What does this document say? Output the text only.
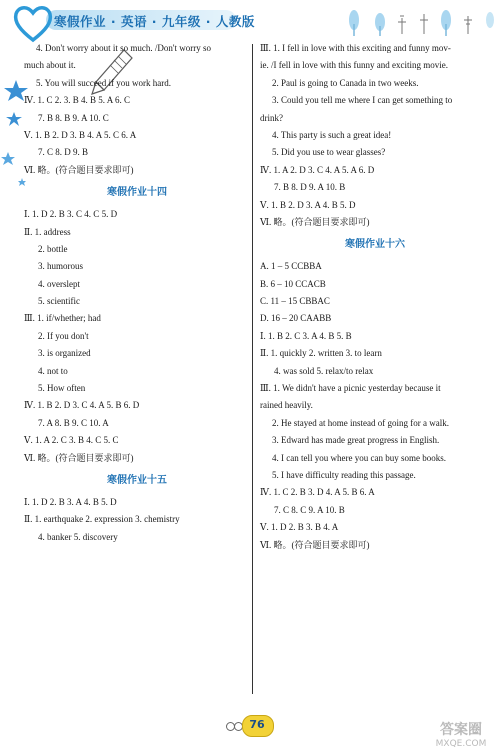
寒假作业 · 英语 · 九年级 · 人教版
4. Don't worry about it so much. /Don't worry so
much about it.
5. You will succeed if you work hard.
Ⅳ. 1. C 2. 3. B 4. B 5. A 6. C
7. B 8. B 9. A 10. C
Ⅴ. 1. B 2. D 3. B 4. A 5. C 6. A
7. C 8. D 9. B
Ⅵ. 略。(符合题目要求即可)
寒假作业十四
Ⅰ. 1. D 2. B 3. C 4. C 5. D
Ⅱ. 1. address
2. bottle
3. humorous
4. overslept
5. scientific
Ⅲ. 1. if/whether; had
2. If you don't
3. is organized
4. not to
5. How often
Ⅳ. 1. B 2. D 3. C 4. A 5. B 6. D
7. A 8. B 9. C 10. A
Ⅴ. 1. A 2. C 3. B 4. C 5. C
Ⅵ. 略。(符合题目要求即可)
寒假作业十五
Ⅰ. 1. D 2. B 3. A 4. B 5. D
Ⅱ. 1. earthquake 2. expression 3. chemistry
4. banker 5. discovery
Ⅲ. 1. I fell in love with this exciting and funny mov-
ie. /I fell in love with this funny and exciting movie.
2. Paul is going to Canada in two weeks.
3. Could you tell me where I can get something to
drink?
4. This party is such a great idea!
5. Did you use to wear glasses?
Ⅳ. 1. A 2. D 3. C 4. A 5. A 6. D
7. B 8. D 9. A 10. B
Ⅴ. 1. B 2. D 3. A 4. B 5. D
Ⅵ. 略。(符合题目要求即可)
寒假作业十六
A. 1 – 5 CCBBA
B. 6 – 10 CCACB
C. 11 – 15 CBBAC
D. 16 – 20 CAABB
Ⅰ. 1. B 2. C 3. A 4. B 5. B
Ⅱ. 1. quickly 2. written 3. to learn
4. was sold 5. relax/to relax
Ⅲ. 1. We didn't have a picnic yesterday because it
rained heavily.
2. He stayed at home instead of going for a walk.
3. Edward has made great progress in English.
4. I can tell you where you can buy some books.
5. I have difficulty reading this passage.
Ⅳ. 1. C 2. B 3. D 4. A 5. B 6. A
7. C 8. C 9. A 10. B
Ⅴ. 1. D 2. B 3. B 4. A
Ⅵ. 略。(符合题目要求即可)
76	答案圈
MXQE.COM
